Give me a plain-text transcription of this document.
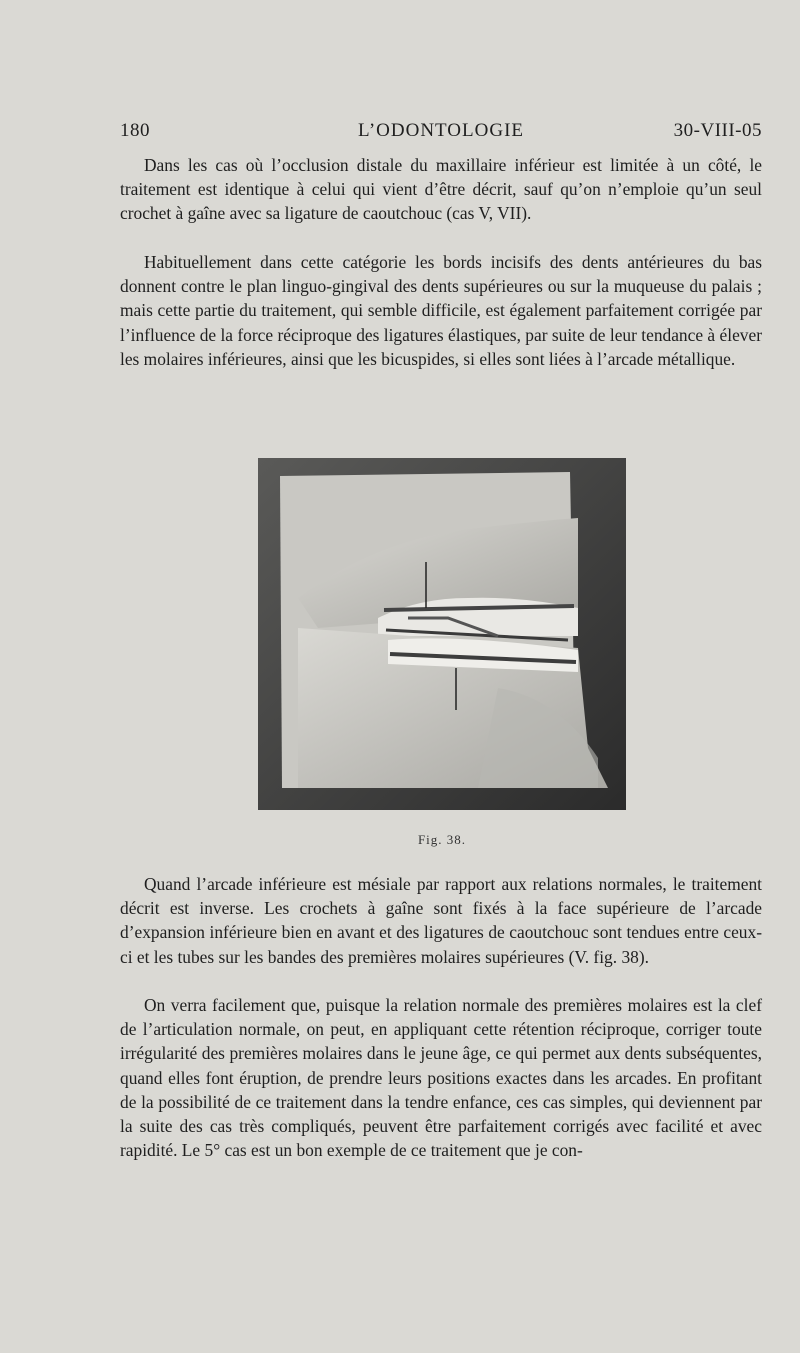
180	L’ODONTOLOGIE	30-VIII-05

Dans les cas où l’occlusion distale du maxillaire inférieur est limitée à un côté, le traitement est identique à celui qui vient d’être décrit, sauf qu’on n’emploie qu’un seul crochet à gaîne avec sa ligature de caoutchouc (cas V, VII).

Habituellement dans cette catégorie les bords incisifs des dents antérieures du bas donnent contre le plan linguo-gingival des dents supérieures ou sur la muqueuse du palais ; mais cette partie du traitement, qui semble difficile, est également parfaitement corrigée par l’influence de la force réciproque des ligatures élastiques, par suite de leur tendance à élever les molaires inférieures, ainsi que les bicuspides, si elles sont liées à l’arcade métallique.

Fig. 38.

Quand l’arcade inférieure est mésiale par rapport aux relations normales, le traitement décrit est inverse. Les crochets à gaîne sont fixés à la face supérieure de l’arcade d’expansion inférieure bien en avant et des ligatures de caoutchouc sont tendues entre ceux-ci et les tubes sur les bandes des premières molaires supérieures (V. fig. 38).

On verra facilement que, puisque la relation normale des premières molaires est la clef de l’articulation normale, on peut, en appliquant cette rétention réciproque, corriger toute irrégularité des premières molaires dans le jeune âge, ce qui permet aux dents subséquentes, quand elles font éruption, de prendre leurs positions exactes dans les arcades. En profitant de la possibilité de ce traitement dans la tendre enfance, ces cas simples, qui deviennent par la suite des cas très compliqués, peuvent être parfaitement corrigés avec facilité et avec rapidité. Le 5° cas est un bon exemple de ce traitement que je con-
